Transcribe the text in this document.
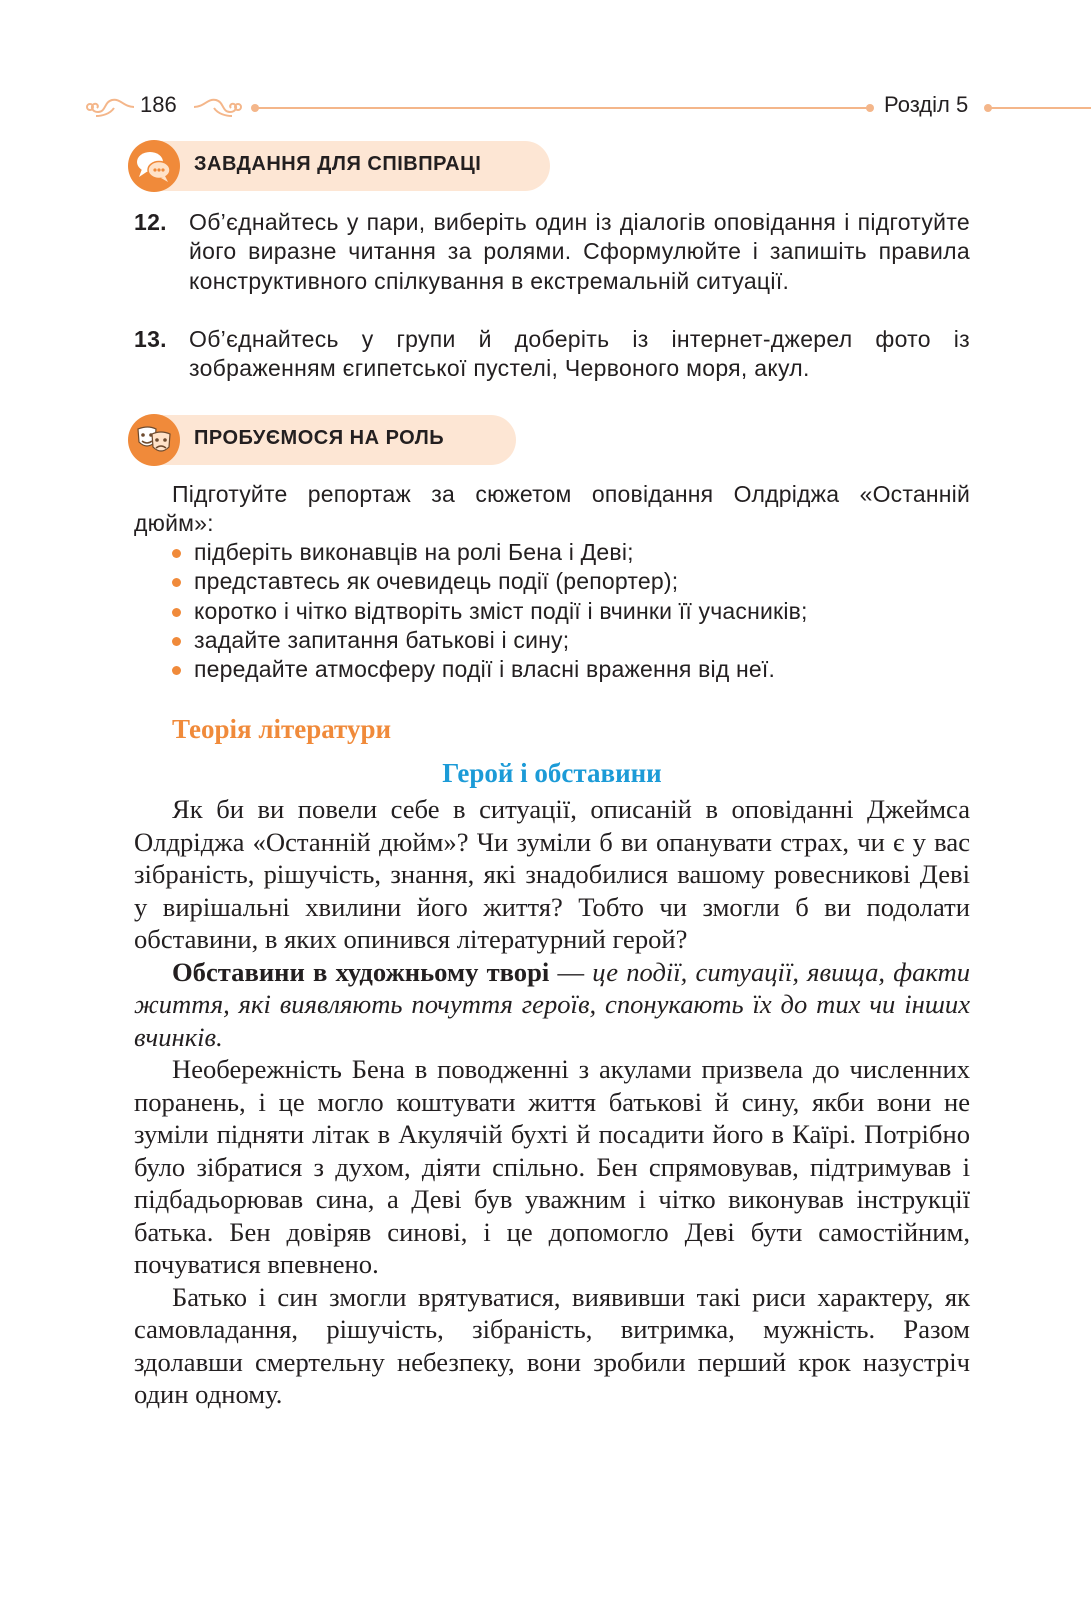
186	Розділ 5
ЗАВДАННЯ ДЛЯ СПІВПРАЦІ
12. Об’єднайтесь у пари, виберіть один із діалогів оповідання і підготуйте його виразне читання за ролями. Сформулюйте і запишіть правила конструктивного спілкування в екстремальній ситуації.
13. Об’єднайтесь у групи й доберіть із інтернет-джерел фото із зображенням єгипетської пустелі, Червоного моря, акул.
ПРОБУЄМОСЯ НА РОЛЬ
Підготуйте репортаж за сюжетом оповідання Олдріджа «Останній дюйм»:
підберіть виконавців на ролі Бена і Деві;
представтесь як очевидець події (репортер);
коротко і чітко відтворіть зміст події і вчинки її учасників;
задайте запитання батькові і сину;
передайте атмосферу події і власні враження від неї.
Теорія літератури
Герой і обставини

Як би ви повели себе в ситуації, описаній в оповіданні Джеймса Олдріджа «Останній дюйм»? Чи зуміли б ви опанувати страх, чи є у вас зібраність, рішучість, знання, які знадобилися вашому ровесникові Деві у вирішальні хвилини його життя? Тобто чи змогли б ви подолати обставини, в яких опинився літературний герой?

Обставини в художньому творі — це події, ситуації, явища, факти життя, які виявляють почуття героїв, спонукають їх до тих чи інших вчинків.

Необережність Бена в поводженні з акулами призвела до численних поранень, і це могло коштувати життя батькові й сину, якби вони не зуміли підняти літак в Акулячій бухті й посадити його в Каїрі. Потрібно було зібратися з духом, діяти спільно. Бен спрямовував, підтримував і підбадьорював сина, а Деві був уважним і чітко виконував інструкції батька. Бен довіряв синові, і це допомогло Деві бути самостійним, почуватися впевнено.

Батько і син змогли врятуватися, виявивши такі риси характеру, як самовладання, рішучість, зібраність, витримка, мужність. Разом здолавши смертельну небезпеку, вони зробили перший крок назустріч один одному.
